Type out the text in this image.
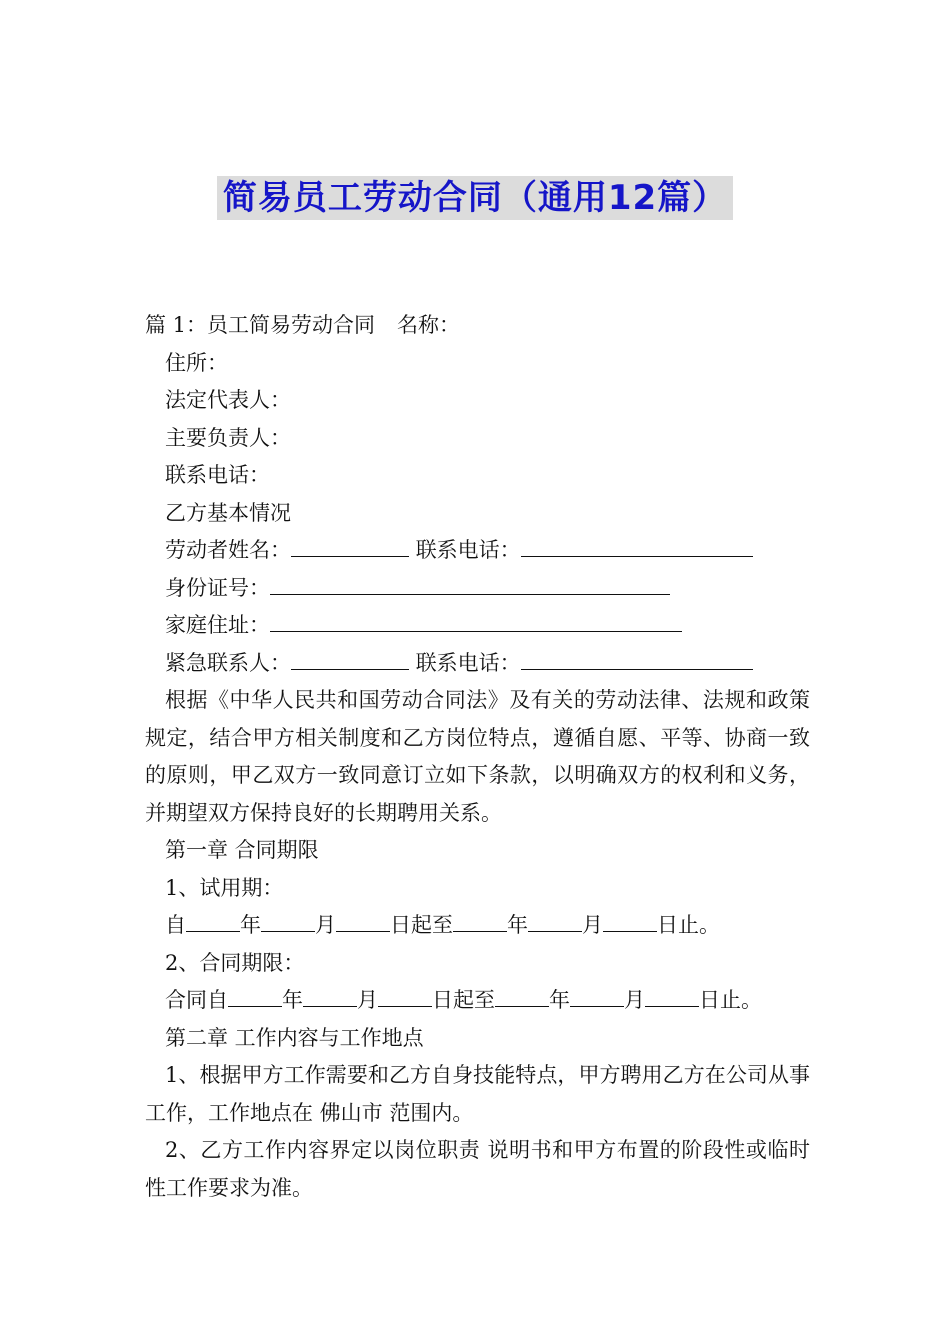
简易员工劳动合同（通用12篇）
篇 1：员工简易劳动合同 名称：
住所：
法定代表人：
主要负责人：
联系电话：
乙方基本情况
劳动者姓名：	联系电话：
身份证号：
家庭住址：
紧急联系人：	联系电话：
根据《中华人民共和国劳动合同法》及有关的劳动法律、法规和政策规定，结合甲方相关制度和乙方岗位特点，遵循自愿、平等、协商一致的原则，甲乙双方一致同意订立如下条款，以明确双方的权利和义务，并期望双方保持良好的长期聘用关系。
第一章 合同期限
1、试用期：
自	年	月	日起至	年	月	日止。
2、合同期限：
合同自	年	月	日起至	年	月	日止。
第二章 工作内容与工作地点
1、根据甲方工作需要和乙方自身技能特点，甲方聘用乙方在公司从事工作，工作地点在 佛山市 范围内。
2、乙方工作内容界定以岗位职责 说明书和甲方布置的阶段性或临时性工作要求为准。
